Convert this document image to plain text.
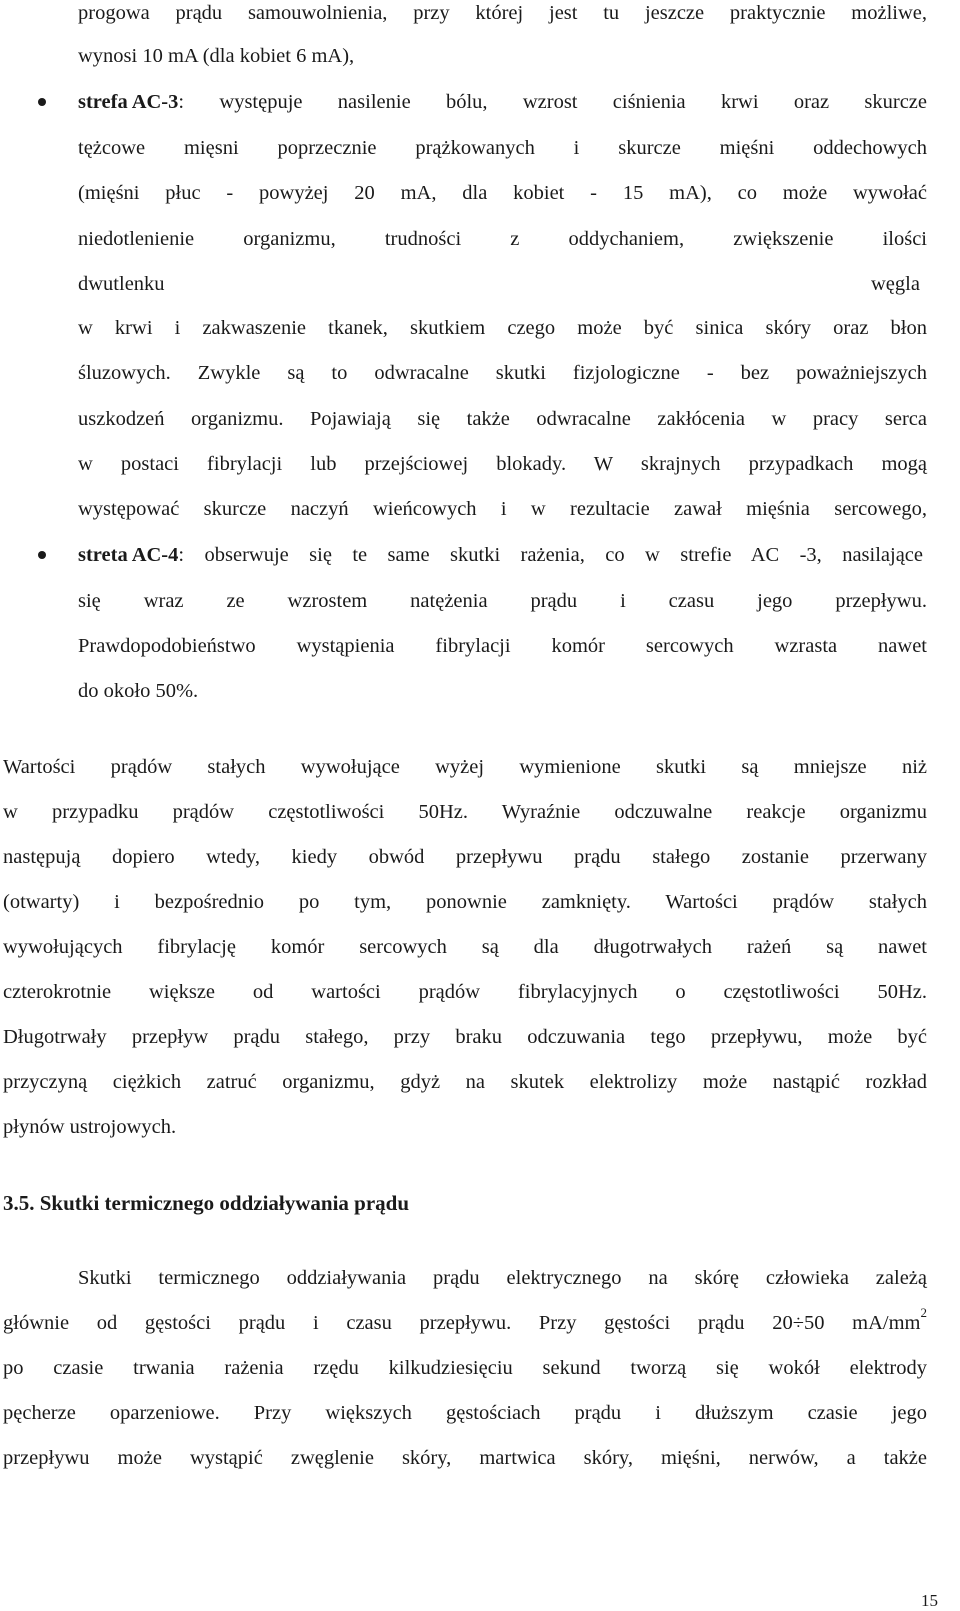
progowa prądu samouwolnienia, przy której jest tu jeszcze praktycznie możliwe,
wynosi 10 mA (dla kobiet 6 mA),
strefa AC-3 : występuje nasilenie bólu, wzrost ciśnienia krwi oraz skurcze
tężcowe mięsni poprzecznie prążkowanych i skurcze mięśni oddechowych
(mięśni płuc - powyżej 20 mA, dla kobiet - 15 mA), co może wywołać
niedotlenienie organizmu, trudności z oddychaniem, zwiększenie ilości
dwutlenku	węgla
w krwi i zakwaszenie tkanek, skutkiem czego może być sinica skóry oraz błon
śluzowych. Zwykle są to odwracalne skutki fizjologiczne - bez poważniejszych
uszkodzeń organizmu. Pojawiają się także odwracalne zakłócenia w pracy serca
w postaci fibrylacji lub przejściowej blokady. W skrajnych przypadkach mogą
występować skurcze naczyń wieńcowych i w rezultacie zawał mięśnia sercowego,
streta AC-4 : obserwuje się te same skutki rażenia, co w strefie AC -3, nasilające
się wraz ze wzrostem natężenia prądu i czasu jego przepływu.
Prawdopodobieństwo wystąpienia fibrylacji komór sercowych wzrasta nawet
do około 50%.
Wartości prądów stałych wywołujące wyżej wymienione skutki są mniejsze niż
w przypadku prądów częstotliwości 50Hz. Wyraźnie odczuwalne reakcje organizmu
następują dopiero wtedy, kiedy obwód przepływu prądu stałego zostanie przerwany
(otwarty) i bezpośrednio po tym, ponownie zamknięty. Wartości prądów stałych
wywołujących fibrylację komór sercowych są dla długotrwałych rażeń są nawet
czterokrotnie większe od wartości prądów fibrylacyjnych o częstotliwości 50Hz.
Długotrwały przepływ prądu stałego, przy braku odczuwania tego przepływu, może być
przyczyną ciężkich zatruć organizmu, gdyż na skutek elektrolizy może nastąpić rozkład
płynów ustrojowych.
3.5. Skutki termicznego oddziaływania prądu
Skutki termicznego oddziaływania prądu elektrycznego na skórę człowieka zależą
głównie od gęstości prądu i czasu przepływu. Przy gęstości prądu 20÷50 mA/mm 2
po czasie trwania rażenia rzędu kilkudziesięciu sekund tworzą się wokół elektrody
pęcherze oparzeniowe. Przy większych gęstościach prądu i dłuższym czasie jego
przepływu może wystąpić zwęglenie skóry, martwica skóry, mięśni, nerwów, a także
15
